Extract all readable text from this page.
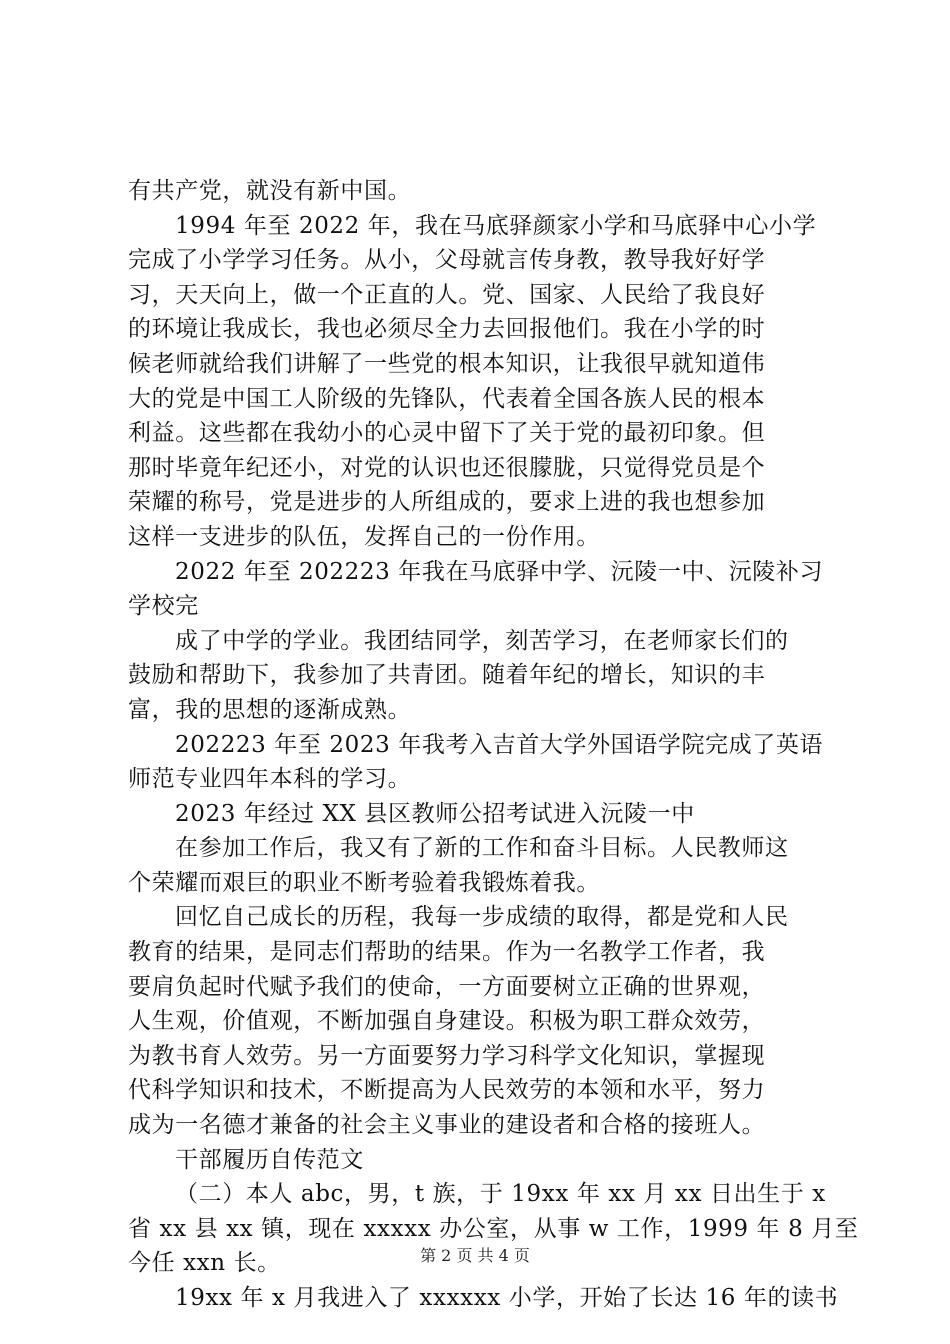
有共产党，就没有新中国。
1994 年至 2022 年，我在马底驿颜家小学和马底驿中心小学
完成了小学学习任务。从小，父母就言传身教，教导我好好学
习，天天向上，做一个正直的人。党、国家、人民给了我良好
的环境让我成长，我也必须尽全力去回报他们。我在小学的时
候老师就给我们讲解了一些党的根本知识，让我很早就知道伟
大的党是中国工人阶级的先锋队，代表着全国各族人民的根本
利益。这些都在我幼小的心灵中留下了关于党的最初印象。但
那时毕竟年纪还小，对党的认识也还很朦胧，只觉得党员是个
荣耀的称号，党是进步的人所组成的，要求上进的我也想参加
这样一支进步的队伍，发挥自己的一份作用。
2022 年至 202223 年我在马底驿中学、沅陵一中、沅陵补习
学校完
成了中学的学业。我团结同学，刻苦学习，在老师家长们的
鼓励和帮助下，我参加了共青团。随着年纪的增长，知识的丰
富，我的思想的逐渐成熟。
202223 年至 2023 年我考入吉首大学外国语学院完成了英语
师范专业四年本科的学习。
2023 年经过 XX 县区教师公招考试进入沅陵一中
在参加工作后，我又有了新的工作和奋斗目标。人民教师这
个荣耀而艰巨的职业不断考验着我锻炼着我。
回忆自己成长的历程，我每一步成绩的取得，都是党和人民
教育的结果，是同志们帮助的结果。作为一名教学工作者，我
要肩负起时代赋予我们的使命，一方面要树立正确的世界观，
人生观，价值观，不断加强自身建设。积极为职工群众效劳，
为教书育人效劳。另一方面要努力学习科学文化知识，掌握现
代科学知识和技术，不断提高为人民效劳的本领和水平，努力
成为一名德才兼备的社会主义事业的建设者和合格的接班人。
干部履历自传范文
（二）本人 abc，男，t 族，于 19xx 年 xx 月 xx 日出生于 x
省 xx 县 xx 镇，现在 xxxxx 办公室，从事 w 工作，1999 年 8 月至
今任 xxn 长。
19xx 年 x 月我进入了 xxxxxx 小学，开始了长达 16 年的读书
第 2 页 共 4 页
